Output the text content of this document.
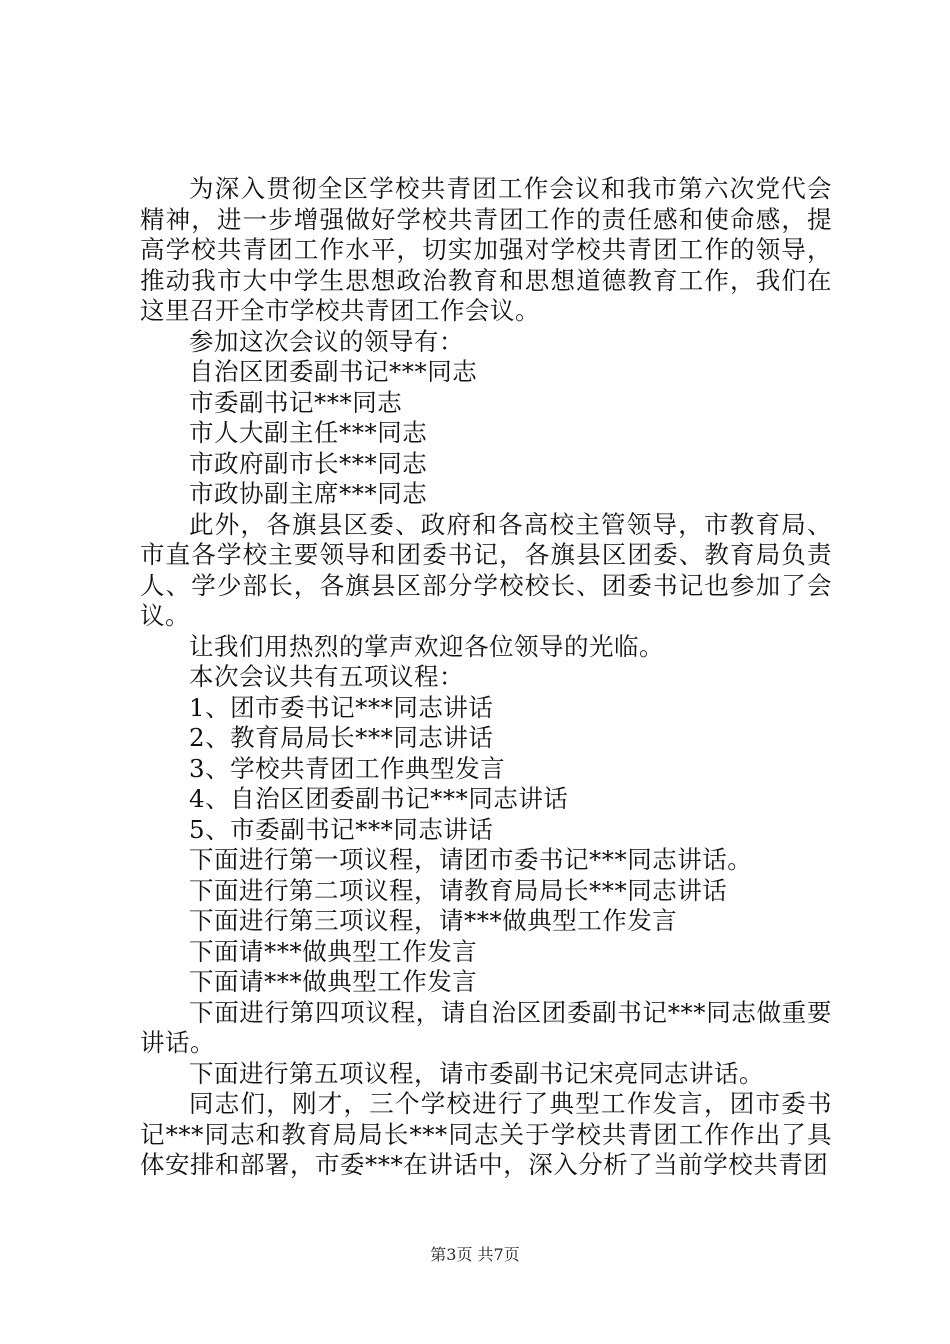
为深入贯彻全区学校共青团工作会议和我市第六次党代会精神，进一步增强做好学校共青团工作的责任感和使命感，提高学校共青团工作水平，切实加强对学校共青团工作的领导，推动我市大中学生思想政治教育和思想道德教育工作，我们在这里召开全市学校共青团工作会议。

参加这次会议的领导有：

自治区团委副书记***同志

市委副书记***同志

市人大副主任***同志

市政府副市长***同志

市政协副主席***同志

此外，各旗县区委、政府和各高校主管领导，市教育局、市直各学校主要领导和团委书记，各旗县区团委、教育局负责人、学少部长，各旗县区部分学校校长、团委书记也参加了会议。

让我们用热烈的掌声欢迎各位领导的光临。

本次会议共有五项议程：

1、团市委书记***同志讲话

2、教育局局长***同志讲话

3、学校共青团工作典型发言

4、自治区团委副书记***同志讲话

5、市委副书记***同志讲话

下面进行第一项议程，请团市委书记***同志讲话。

下面进行第二项议程，请教育局局长***同志讲话

下面进行第三项议程，请***做典型工作发言

下面请***做典型工作发言

下面请***做典型工作发言

下面进行第四项议程，请自治区团委副书记***同志做重要讲话。

下面进行第五项议程，请市委副书记宋亮同志讲话。

同志们，刚才，三个学校进行了典型工作发言，团市委书记***同志和教育局局长***同志关于学校共青团工作作出了具体安排和部署，市委***在讲话中，深入分析了当前学校共青团

第3页 共7页
